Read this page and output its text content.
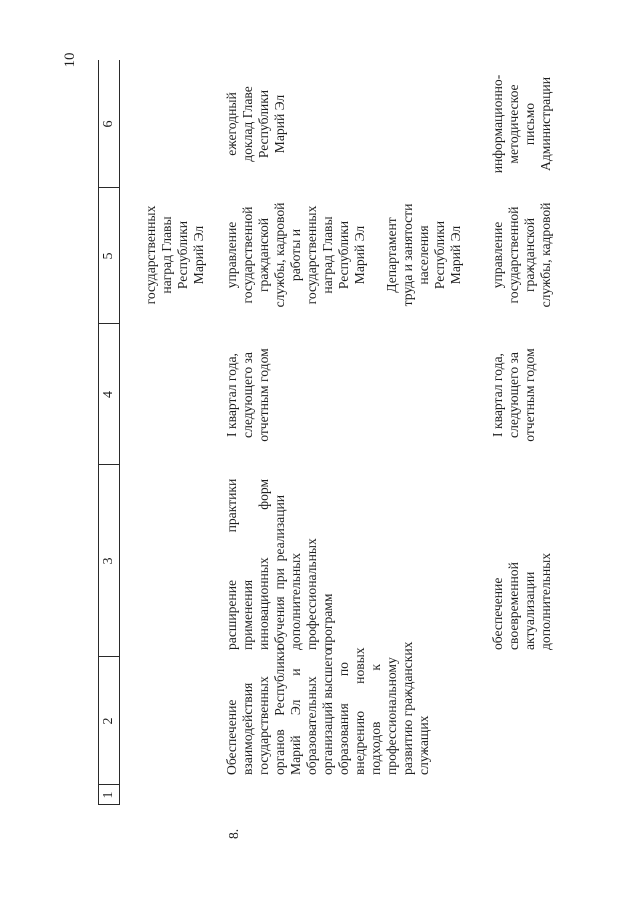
10
1
2
3
4
5
6
государственных
наград Главы
Республики
Марий Эл
8.
Обеспечение
взаимодействия
государственных
органов    Республики
Марий      Эл       и
образовательных
организаций высшего
образования        по
внедрению        новых
подходов               к
профессиональному
развитию гражданских
служащих
расширение              практики
применения
инновационных              форм
обучения  при  реализации
дополнительных
профессиональных
программ
I квартал года,
следующего за
отчетным годом
управление
государственной
гражданской
службы, кадровой
работы и
государственных
наград Главы
Республики
Марий Эл

Департамент
труда и занятости
населения
Республики
Марий Эл
ежегодный
доклад Главе
Республики
Марий Эл
обеспечение
своевременной
актуализации
дополнительных
I квартал года,
следующего за
отчетным годом
управление
государственной
гражданской
службы, кадровой
информационно-
методическое
письмо
Администрации
